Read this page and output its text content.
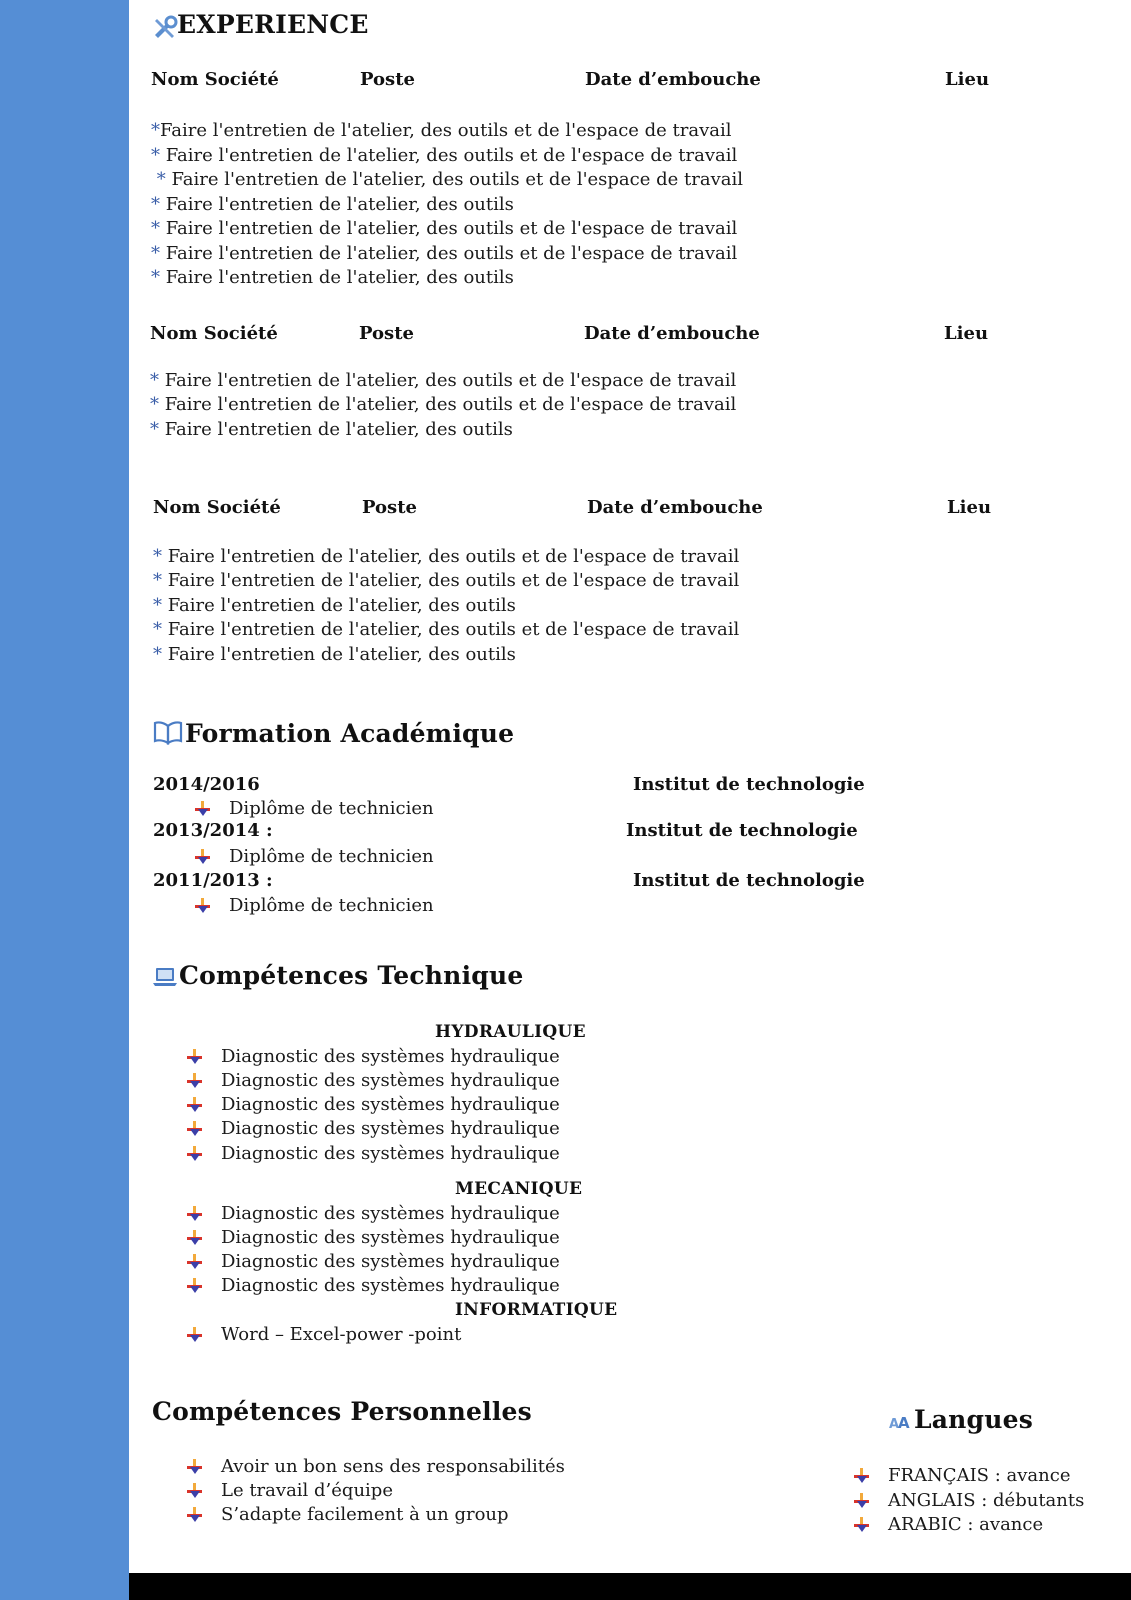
EXPERIENCE
Nom Société	Poste	Date d’embouche	Lieu
*Faire l'entretien de l'atelier, des outils et de l'espace de travail
* Faire l'entretien de l'atelier, des outils et de l'espace de travail
* Faire l'entretien de l'atelier, des outils et de l'espace de travail
* Faire l'entretien de l'atelier, des outils
* Faire l'entretien de l'atelier, des outils et de l'espace de travail
* Faire l'entretien de l'atelier, des outils et de l'espace de travail
* Faire l'entretien de l'atelier, des outils
Nom Société	Poste	Date d’embouche	Lieu
* Faire l'entretien de l'atelier, des outils et de l'espace de travail
* Faire l'entretien de l'atelier, des outils et de l'espace de travail
* Faire l'entretien de l'atelier, des outils
Nom Société	Poste	Date d’embouche	Lieu
* Faire l'entretien de l'atelier, des outils et de l'espace de travail
* Faire l'entretien de l'atelier, des outils et de l'espace de travail
* Faire l'entretien de l'atelier, des outils
* Faire l'entretien de l'atelier, des outils et de l'espace de travail
* Faire l'entretien de l'atelier, des outils
Formation Académique
2014/2016	Institut de technologie
Diplôme de technicien
2013/2014 :	Institut de technologie
Diplôme de technicien
2011/2013 :	Institut de technologie
Diplôme de technicien
Compétences Technique
HYDRAULIQUE
Diagnostic des systèmes hydraulique
Diagnostic des systèmes hydraulique
Diagnostic des systèmes hydraulique
Diagnostic des systèmes hydraulique
Diagnostic des systèmes hydraulique
MECANIQUE
Diagnostic des systèmes hydraulique
Diagnostic des systèmes hydraulique
Diagnostic des systèmes hydraulique
Diagnostic des systèmes hydraulique
INFORMATIQUE
Word – Excel-power -point
Compétences Personnelles
Avoir un bon sens des responsabilités
Le travail d’équipe
S’adapte facilement à un group
A
A Langues
FRANÇAIS : avance
ANGLAIS : débutants
ARABIC : avance
